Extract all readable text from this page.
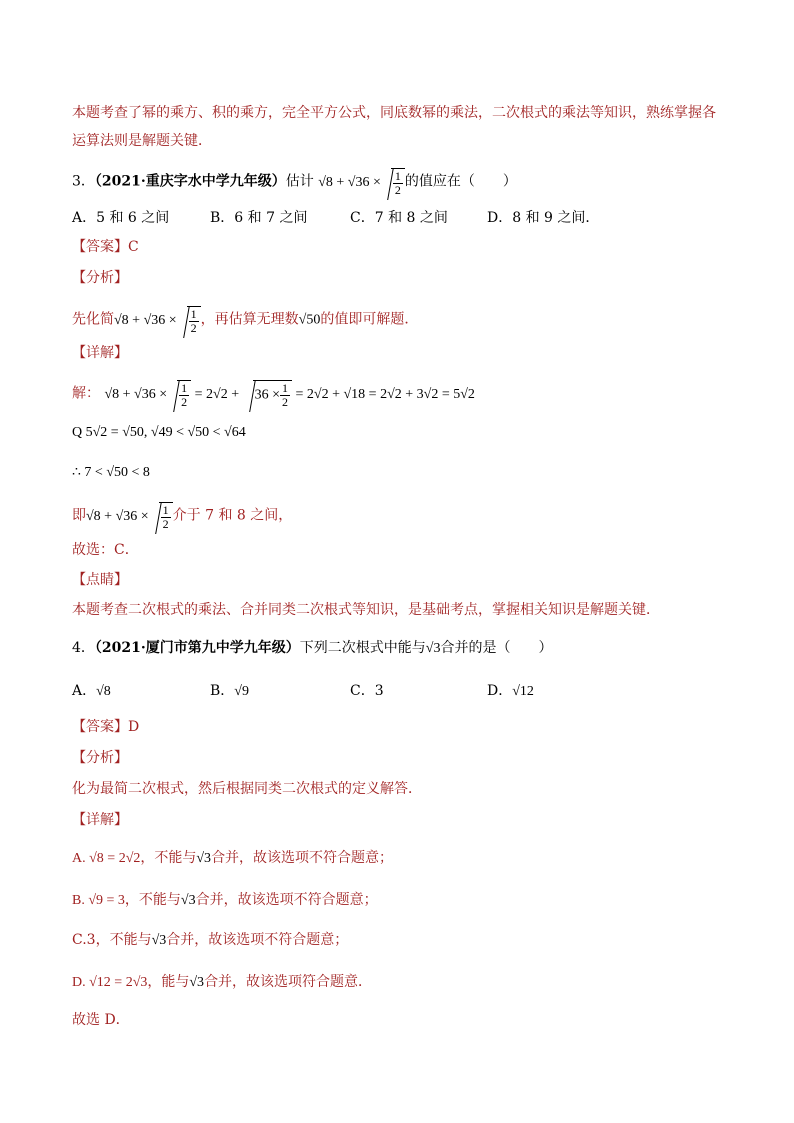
本题考查了幂的乘方、积的乘方，完全平方公式，同底数幂的乘法，二次根式的乘法等知识，熟练掌握各
运算法则是解题关键．
3．（2021·重庆字水中学九年级）估计 $√8 + √36 \times \frac{1}{2}$ 的值应在（　　）
A．5 和 6 之间	B．6 和 7 之间	C．7 和 8 之间	D．8 和 9 之间．
【答案】C
【分析】
先化简$√8 + √36 \times \frac{1}{2}$ ，再估算无理数√50的值即可解题．
【详解】
解： $√8 + √36 \times \frac{1}{2} = 2√2$ +
$36 \times \frac{1}{2} = 2√2 + √18 = 2√2 + 3√2 = 5√2$
Q 5√2 = √50, √49 < √50 < √64
∴ 7 < √50 < 8
即$√8 + √36 \times \frac{1}{2}$ 介于 7 和 8 之间，
故选：C．
【点睛】
本题考查二次根式的乘法、合并同类二次根式等知识，是基础考点，掌握相关知识是解题关键．
4．（2021·厦门市第九中学九年级）下列二次根式中能与√3合并的是（　　）
A．√8	B．√9	C．3	D．√12
【答案】D
【分析】
化为最简二次根式，然后根据同类二次根式的定义解答．
【详解】
A. √8 = 2√2，不能与√3合并，故该选项不符合题意；
B. √9 = 3，不能与√3合并，故该选项不符合题意；
C.3，不能与√3合并，故该选项不符合题意；
D. √12 = 2√3，能与√3合并，故该选项符合题意．
故选 D．
